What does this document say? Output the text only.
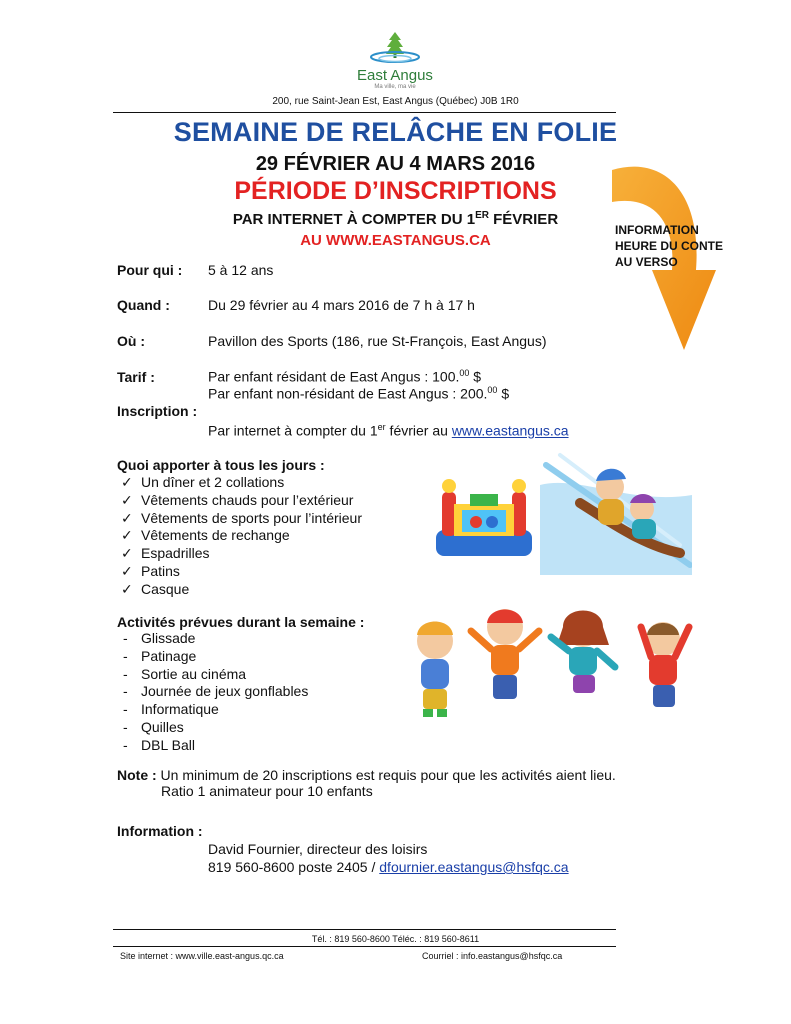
East Angus
Ma ville, ma vie
200, rue Saint-Jean Est, East Angus (Québec) J0B 1R0
SEMAINE DE RELÂCHE EN FOLIE
29 FÉVRIER AU 4 MARS 2016
PÉRIODE D’INSCRIPTIONS
PAR INTERNET À COMPTER DU 1ER FÉVRIER
AU WWW.EASTANGUS.CA
INFORMATION
HEURE DU CONTE
AU VERSO
Pour qui : 5 à 12 ans
Quand :	Du 29 février au 4 mars 2016 de 7 h à 17 h
Où :	Pavillon des Sports (186, rue St-François, East Angus)
Tarif :	Par enfant résidant de East Angus : 100.00 $
Par enfant non-résidant de East Angus : 200.00 $
Inscription :
Par internet à compter du 1er février au www.eastangus.ca
Quoi apporter à tous les jours :
✓ Un dîner et 2 collations
✓ Vêtements chauds pour l’extérieur
✓ Vêtements de sports pour l’intérieur
✓ Vêtements de rechange
✓ Espadrilles
✓ Patins
✓ Casque
Activités prévues durant la semaine :
- Glissade
- Patinage
- Sortie au cinéma
- Journée de jeux gonflables
- Informatique
- Quilles
- DBL Ball
Note : Un minimum de 20 inscriptions est requis pour que les activités aient lieu.
Ratio 1 animateur pour 10 enfants
Information :
David Fournier, directeur des loisirs
819 560-8600 poste 2405 / dfournier.eastangus@hsfqc.ca
Tél. : 819 560-8600 Téléc. : 819 560-8611
Site internet : www.ville.east-angus.qc.ca	Courriel : info.eastangus@hsfqc.ca
